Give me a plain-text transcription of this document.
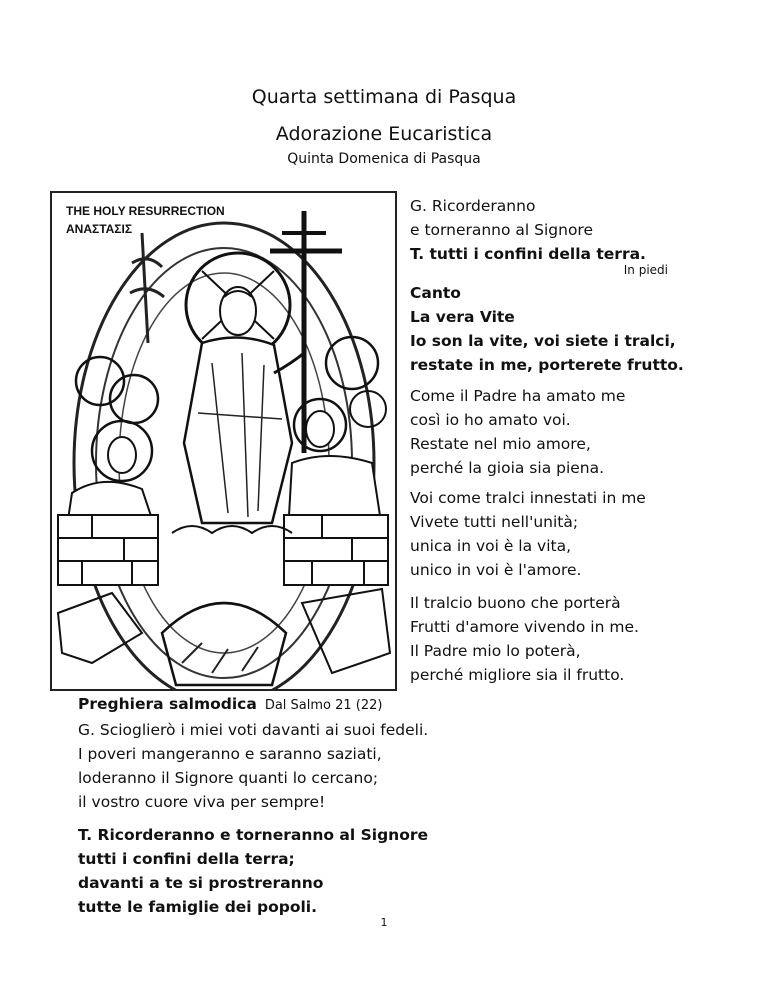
Quarta settimana di Pasqua
Adorazione Eucaristica
Quinta Domenica di Pasqua
THE HOLY RESURRECTION
ΑΝΑΣΤΑΣΙΣ
G. Ricorderanno
e torneranno al Signore
T. tutti i confini della terra.
In piedi
Canto
La vera Vite
Io son la vite, voi siete i tralci,
restate in me, porterete frutto.
Come il Padre ha amato me
così io ho amato voi.
Restate nel mio amore,
perché la gioia sia piena.
Voi come tralci innestati in me
Vivete tutti nell'unità;
unica in voi è la vita,
unico in voi è l'amore.
Il tralcio buono che porterà
Frutti d'amore vivendo in me.
Il Padre mio lo poterà,
perché migliore sia il frutto.
Preghiera salmodica Dal Salmo 21 (22)
G. Scioglierò i miei voti davanti ai suoi fedeli.
I poveri mangeranno e saranno saziati,
loderanno il Signore quanti lo cercano;
il vostro cuore viva per sempre!
T. Ricorderanno e torneranno al Signore
tutti i confini della terra;
davanti a te si prostreranno
tutte le famiglie dei popoli.
1
